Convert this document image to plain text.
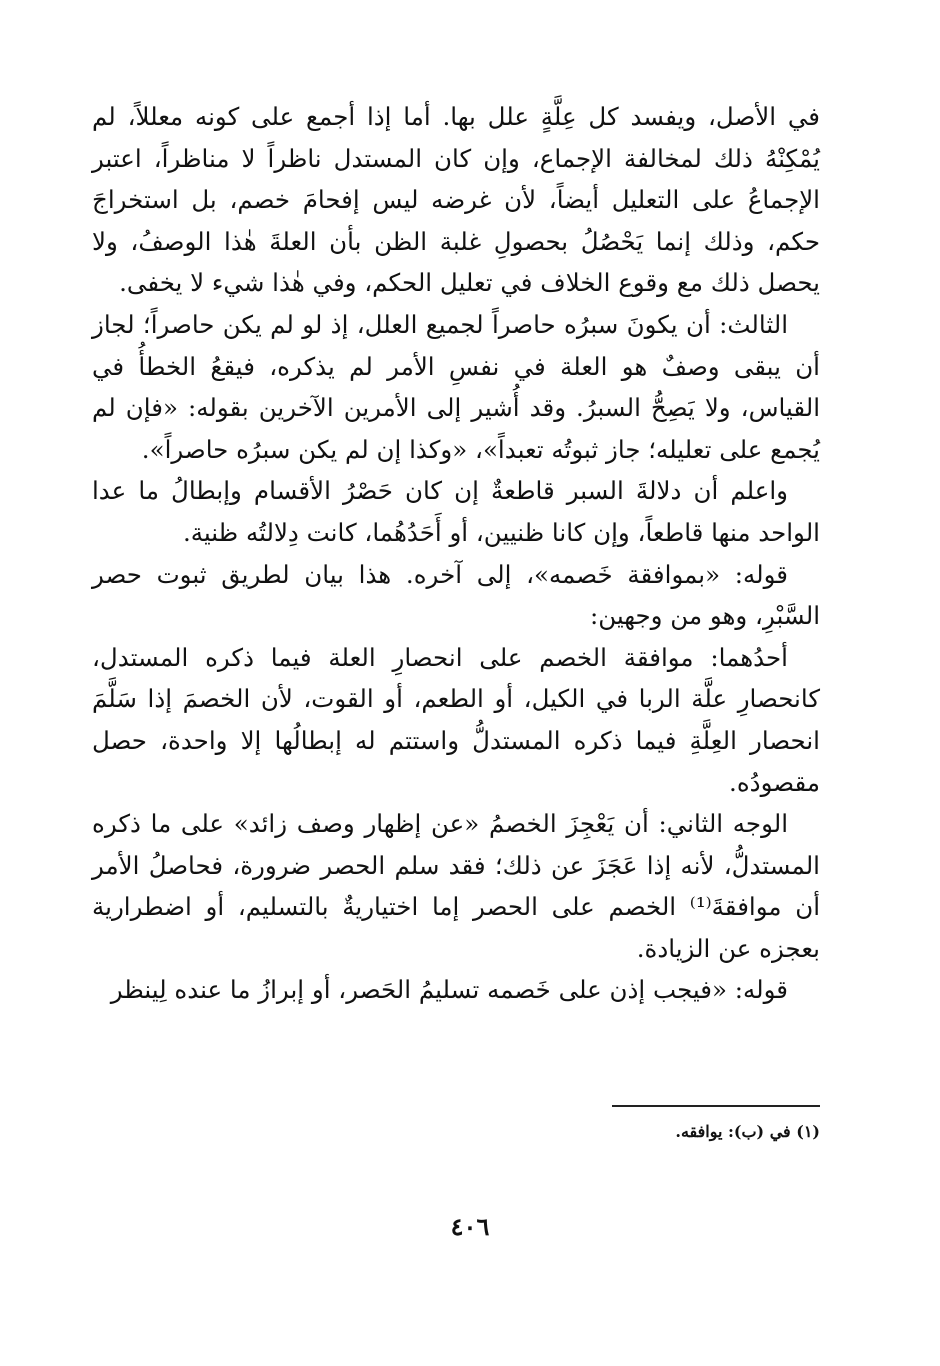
في الأصل، ويفسد كل عِلَّةٍ علل بها. أما إذا أجمع على كونه معللاً، لم يُمْكِنْهُ ذلك لمخالفة الإجماع، وإن كان المستدل ناظراً لا مناظراً، اعتبر الإجماعُ على التعليل أيضاً، لأن غرضه ليس إفحامَ خصم، بل استخراجَ حكم، وذلك إنما يَحْصُلُ بحصولِ غلبة الظن بأن العلةَ هٰذا الوصفُ، ولا يحصل ذلك مع وقوع الخلاف في تعليل الحكم، وفي هٰذا شيء لا يخفى.

الثالث: أن يكونَ سبرُه حاصراً لجميع العلل، إذ لو لم يكن حاصراً؛ لجاز أن يبقى وصفٌ هو العلة في نفسِ الأمر لم يذكره، فيقعُ الخطأُ في القياس، ولا يَصِحُّ السبرُ. وقد أُشير إلى الأمرين الآخرين بقوله: «فإن لم يُجمع على تعليله؛ جاز ثبوتُه تعبداً»، «وكذا إن لم يكن سبرُه حاصراً».

واعلم أن دلالةَ السبر قاطعةٌ إن كان حَصْرُ الأقسام وإبطالُ ما عدا الواحد منها قاطعاً، وإن كانا ظنيين، أو أَحَدُهُما، كانت دِلالتُه ظنية.

قوله: «بموافقة خَصمه»، إلى آخره. هذا بيان لطريق ثبوت حصر السَّبْرِ، وهو من وجهين:

أحدُهما: موافقة الخصم على انحصارِ العلة فيما ذكره المستدل، كانحصارِ علَّة الربا في الكيل، أو الطعم، أو القوت، لأن الخصمَ إذا سَلَّمَ انحصار العِلَّةِ فيما ذكره المستدلُّ واستتم له إبطالُها إلا واحدة، حصل مقصودُه.

الوجه الثاني: أن يَعْجِزَ الخصمُ «عن إظهار وصف زائد» على ما ذكره المستدلُّ، لأنه إذا عَجَزَ عن ذلك؛ فقد سلم الحصر ضرورة، فحاصلُ الأمر أن موافقةَ⁽¹⁾ الخصم على الحصر إما اختياريةٌ بالتسليم، أو اضطرارية بعجزه عن الزيادة.

قوله: «فيجب إذن على خَصمه تسليمُ الحَصر، أو إبرازُ ما عنده لِينظر

(١) في (ب): يوافقه.
٤٠٦
